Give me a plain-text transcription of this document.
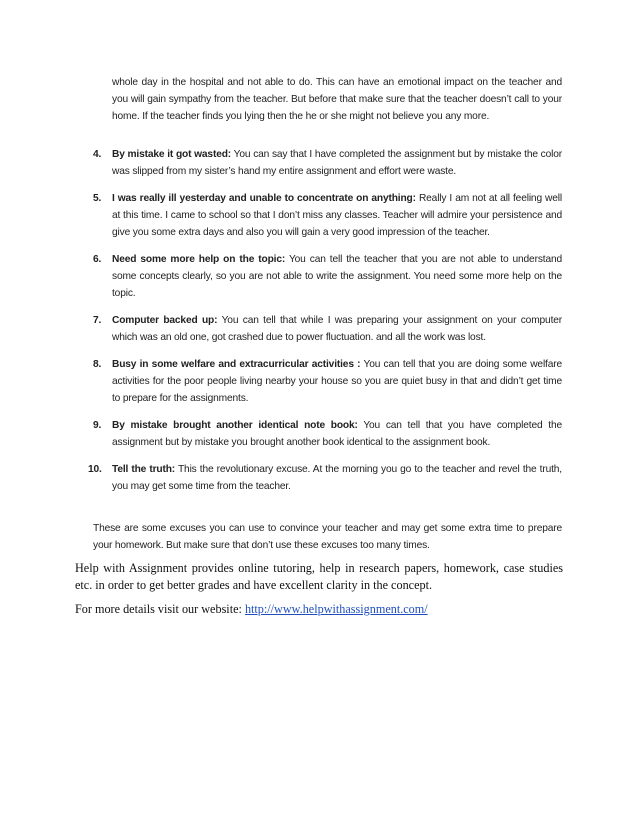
whole day in the hospital and not able to do. This can have an emotional impact on the teacher and you will gain sympathy from the teacher. But before that make sure that the teacher doesn’t call to your home. If the teacher finds you lying then the he or she might not believe you any more.

4. By mistake it got wasted: You can say that I have completed the assignment but by mistake the color was slipped from my sister’s hand my entire assignment and effort were waste.
5. I was really ill yesterday and unable to concentrate on anything: Really I am not at all feeling well at this time. I came to school so that I don’t miss any classes. Teacher will admire your persistence and give you some extra days and also you will gain a very good impression of the teacher.
6. Need some more help on the topic: You can tell the teacher that you are not able to understand some concepts clearly, so you are not able to write the assignment. You need some more help on the topic.
7. Computer backed up: You can tell that while I was preparing your assignment on your computer which was an old one, got crashed due to power fluctuation. and all the work was lost.
8. Busy in some welfare and extracurricular activities : You can tell that you are doing some welfare activities for the poor people living nearby your house so you are quiet busy in that and didn’t get time to prepare for the assignments.
9. By mistake brought another identical note book: You can tell that you have completed the assignment but by mistake you brought another book identical to the assignment book.
10. Tell the truth: This the revolutionary excuse. At the morning you go to the teacher and revel the truth, you may get some time from the teacher.

These are some excuses you can use to convince your teacher and may get some extra time to prepare your homework. But make sure that don’t use these excuses too many times.

Help with Assignment provides online tutoring, help in research papers, homework, case studies etc. in order to get better grades and have excellent clarity in the concept.

For more details visit our website: http://www.helpwithassignment.com/
